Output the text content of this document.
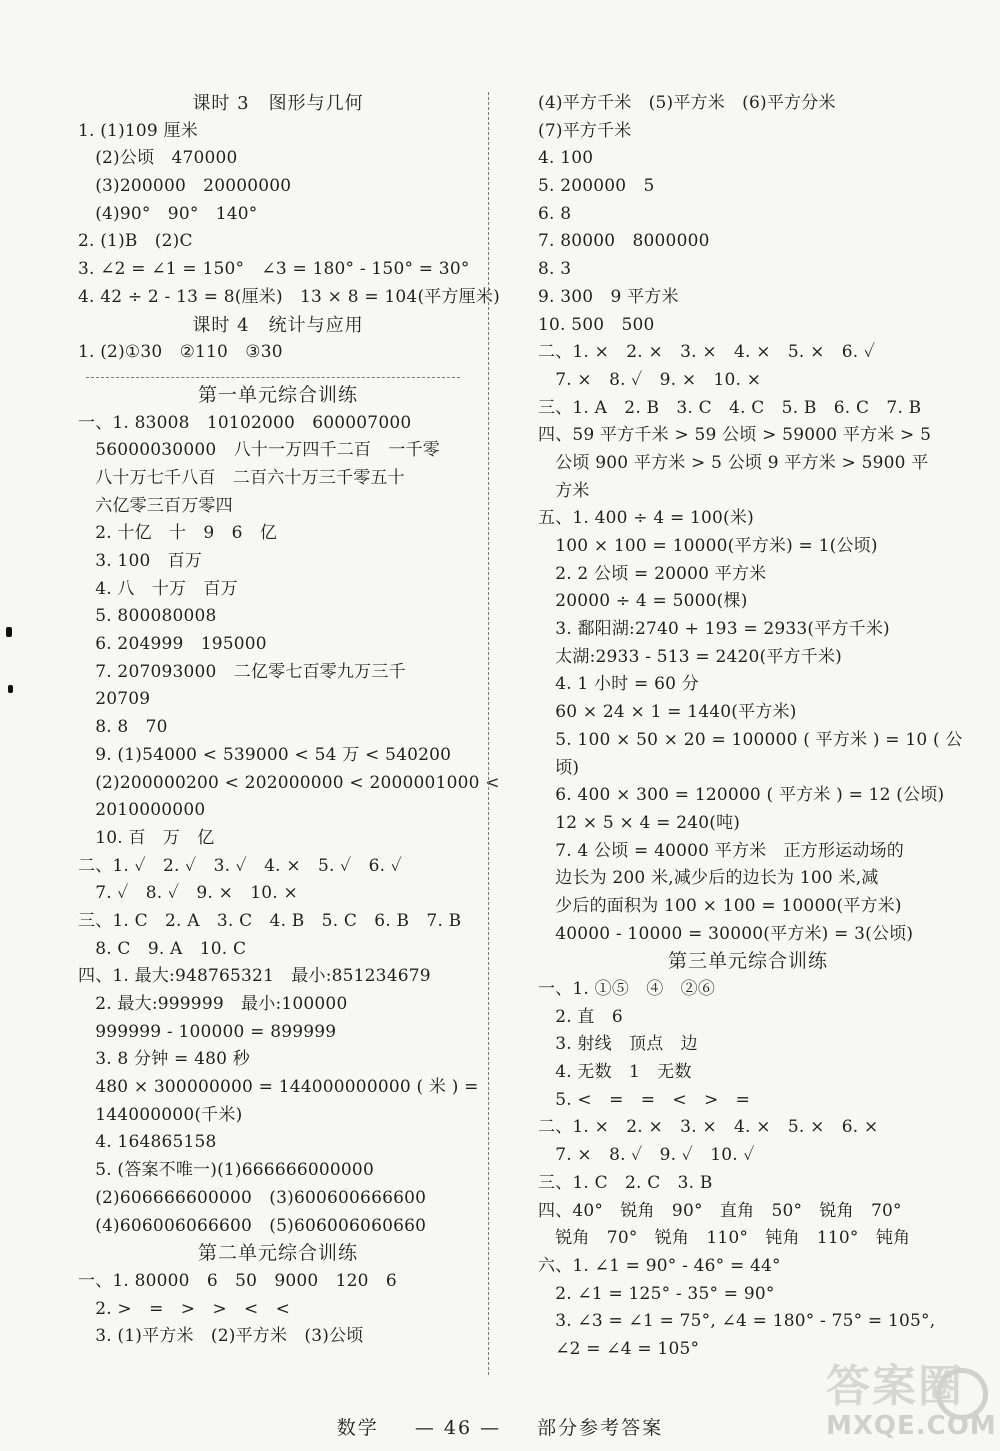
课时 3　图形与几何
1. (1)109 厘米
　(2)公顷　470000
　(3)200000　20000000
　(4)90°　90°　140°
2. (1)B　(2)C
3. ∠2 = ∠1 = 150°　∠3 = 180° - 150° = 30°
4. 42 ÷ 2 - 13 = 8(厘米)　13 × 8 = 104(平方厘米)
课时 4　统计与应用
1. (2)①30　②110　③30
第一单元综合训练
一、1. 83008　10102000　600007000
　56000030000　八十一万四千二百　一千零
　八十万七千八百　二百六十万三千零五十
　六亿零三百万零四
　2. 十亿　十　9　6　亿
　3. 100　百万
　4. 八　十万　百万
　5. 800080008
　6. 204999　195000
　7. 207093000　二亿零七百零九万三千
　20709
　8. 8　70
　9. (1)54000 < 539000 < 54 万 < 540200
　(2)200000200 < 202000000 < 2000001000 <
　2010000000
　10. 百　万　亿
二、1. ✓　2. ✓　3. ✓　4. ×　5. ✓　6. ✓
　7. ✓　8. ✓　9. ×　10. ×
三、1. C　2. A　3. C　4. B　5. C　6. B　7. B
　8. C　9. A　10. C
四、1. 最大:948765321　最小:851234679
　2. 最大:999999　最小:100000
　999999 - 100000 = 899999
　3. 8 分钟 = 480 秒
　480 × 300000000 = 144000000000 ( 米 ) =
　144000000(千米)
　4. 164865158
　5. (答案不唯一)(1)666666000000
　(2)606666600000　(3)600600666600
　(4)606006066600　(5)606006060660
第二单元综合训练
一、1. 80000　6　50　9000　120　6
　2. >　=　>　>　<　<
　3. (1)平方米　(2)平方米　(3)公顷
(4)平方千米　(5)平方米　(6)平方分米
(7)平方千米
4. 100
5. 200000　5
6. 8
7. 80000　8000000
8. 3
9. 300　9 平方米
10. 500　500
二、1. ×　2. ×　3. ×　4. ×　5. ×　6. ✓
　7. ×　8. ✓　9. ×　10. ×
三、1. A　2. B　3. C　4. C　5. B　6. C　7. B
四、59 平方千米 > 59 公顷 > 59000 平方米 > 5
　公顷 900 平方米 > 5 公顷 9 平方米 > 5900 平
　方米
五、1. 400 ÷ 4 = 100(米)
　100 × 100 = 10000(平方米) = 1(公顷)
　2. 2 公顷 = 20000 平方米
　20000 ÷ 4 = 5000(棵)
　3. 鄱阳湖:2740 + 193 = 2933(平方千米)
　太湖:2933 - 513 = 2420(平方千米)
　4. 1 小时 = 60 分
　60 × 24 × 1 = 1440(平方米)
　5. 100 × 50 × 20 = 100000 ( 平方米 ) = 10 ( 公
　顷)
　6. 400 × 300 = 120000 ( 平方米 ) = 12 (公顷)
　12 × 5 × 4 = 240(吨)
　7. 4 公顷 = 40000 平方米　正方形运动场的
　边长为 200 米,减少后的边长为 100 米,减
　少后的面积为 100 × 100 = 10000(平方米)
　40000 - 10000 = 30000(平方米) = 3(公顷)
第三单元综合训练
一、1. ①⑤　④　②⑥
　2. 直　6
　3. 射线　顶点　边
　4. 无数　1　无数
　5. <　=　=　<　>　=
二、1. ×　2. ×　3. ×　4. ×　5. ×　6. ×
　7. ×　8. ✓　9. ✓　10. ✓
三、1. C　2. C　3. B
四、40°　锐角　90°　直角　50°　锐角　70°
　锐角　70°　锐角　110°　钝角　110°　钝角
六、1. ∠1 = 90° - 46° = 44°
　2. ∠1 = 125° - 35° = 90°
　3. ∠3 = ∠1 = 75°, ∠4 = 180° - 75° = 105°,
　∠2 = ∠4 = 105°
数学 — 46 — 部分参考答案
答案圈
MXQE.COM
